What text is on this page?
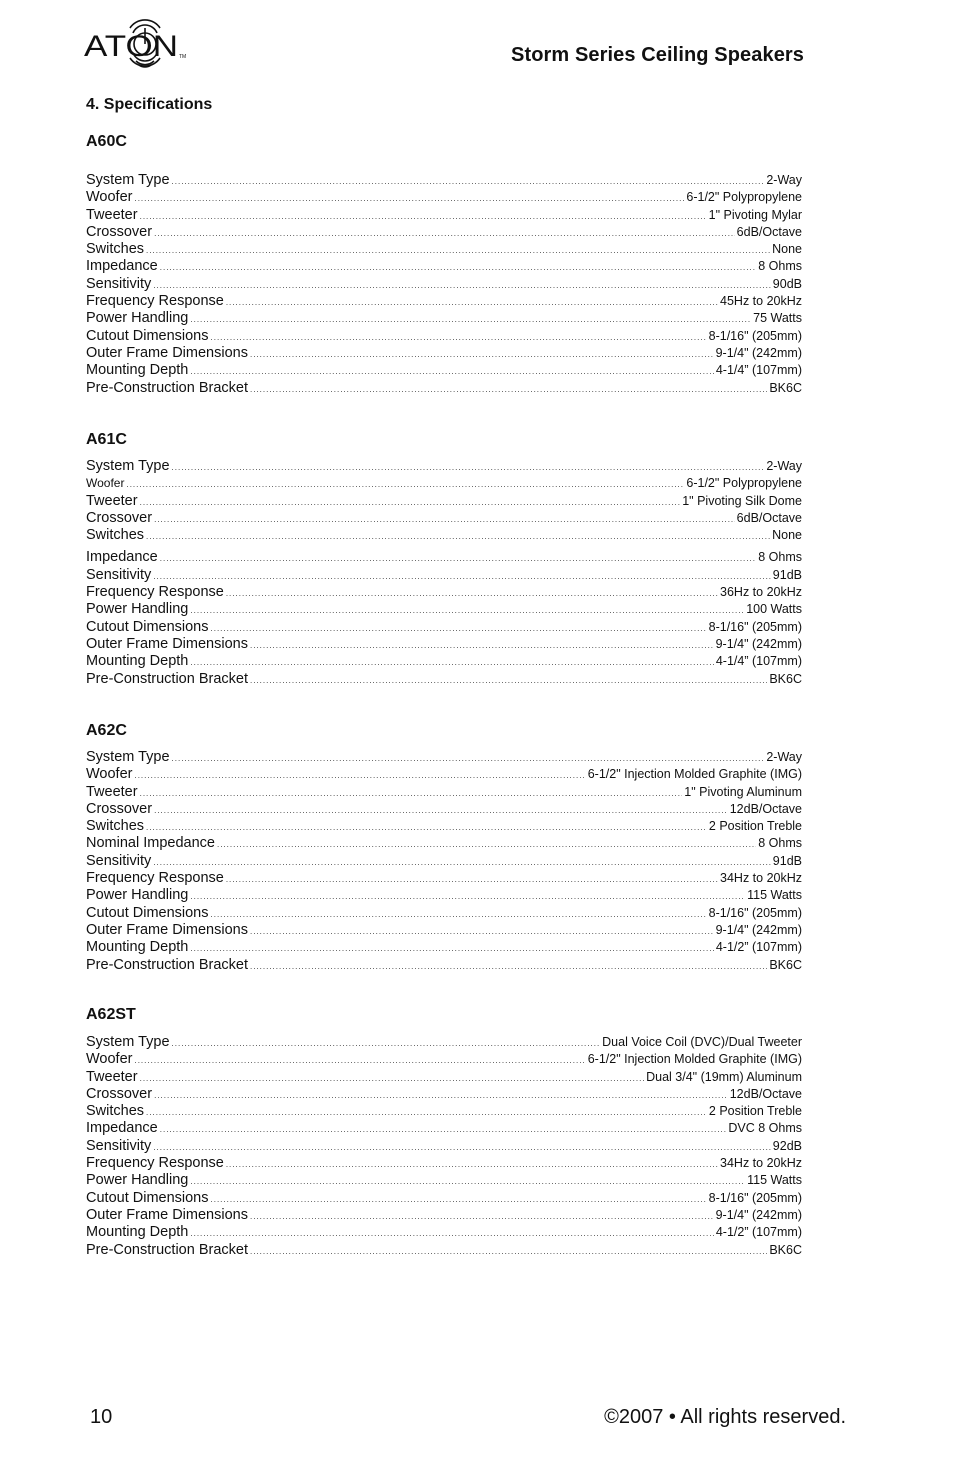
ATON TM	Storm Series Ceiling Speakers
4. Specifications
A60C
System Type .....	2-Way
Woofer .....	6-1/2" Polypropylene
Tweeter .....	1" Pivoting Mylar
Crossover .....	6dB/Octave
Switches .....	None
Impedance .....	8 Ohms
Sensitivity .....	90dB
Frequency Response .....	45Hz to 20kHz
Power Handling .....	75 Watts
Cutout Dimensions .....	8-1/16" (205mm)
Outer Frame Dimensions .....	9-1/4" (242mm)
Mounting Depth .....	4-1/4” (107mm)
Pre-Construction Bracket .....	BK6C
A61C
System Type .....	2-Way
Woofer .....	6-1/2" Polypropylene
Tweeter .....	1" Pivoting Silk Dome
Crossover .....	6dB/Octave
Switches .....	None
Impedance .....	8 Ohms
Sensitivity .....	91dB
Frequency Response .....	36Hz to 20kHz
Power Handling .....	100 Watts
Cutout Dimensions .....	8-1/16" (205mm)
Outer Frame Dimensions .....	9-1/4" (242mm)
Mounting Depth .....	4-1/4” (107mm)
Pre-Construction Bracket .....	BK6C
A62C
System Type .....	2-Way
Woofer .....	6-1/2" Injection Molded Graphite (IMG)
Tweeter .....	1" Pivoting Aluminum
Crossover .....	12dB/Octave
Switches .....	2 Position Treble
Nominal Impedance .....	8 Ohms
Sensitivity .....	91dB
Frequency Response .....	34Hz to 20kHz
Power Handling .....	115 Watts
Cutout Dimensions .....	8-1/16" (205mm)
Outer Frame Dimensions .....	9-1/4" (242mm)
Mounting Depth .....	4-1/2” (107mm)
Pre-Construction Bracket .....	BK6C
A62ST
System Type .....	Dual Voice Coil (DVC)/Dual Tweeter
Woofer .....	6-1/2" Injection Molded Graphite (IMG)
Tweeter .....	Dual 3/4" (19mm) Aluminum
Crossover .....	12dB/Octave
Switches .....	2 Position Treble
Impedance .....	DVC 8 Ohms
Sensitivity .....	92dB
Frequency Response .....	34Hz to 20kHz
Power Handling .....	115 Watts
Cutout Dimensions .....	8-1/16" (205mm)
Outer Frame Dimensions .....	9-1/4" (242mm)
Mounting Depth .....	4-1/2” (107mm)
Pre-Construction Bracket .....	BK6C
10	©2007 • All rights reserved.
